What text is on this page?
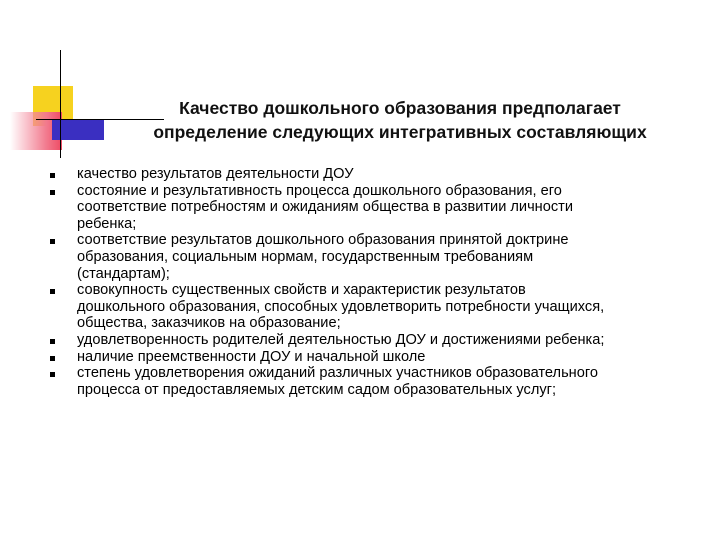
Качество дошкольного образования предполагает
определение следующих интегративных составляющих
качество результатов деятельности ДОУ
состояние и результативность процесса дошкольного образования, его
соответствие потребностям и ожиданиям общества в развитии личности
ребенка;
соответствие результатов дошкольного образования принятой доктрине
образования, социальным нормам, государственным требованиям
(стандартам);
совокупность существенных свойств и характеристик результатов
дошкольного образования, способных удовлетворить потребности учащихся,
общества, заказчиков на образование;
удовлетворенность родителей деятельностью ДОУ и достижениями ребенка;
наличие преемственности ДОУ и начальной школе
степень удовлетворения ожиданий различных участников образовательного
процесса от предоставляемых детским садом образовательных услуг;
